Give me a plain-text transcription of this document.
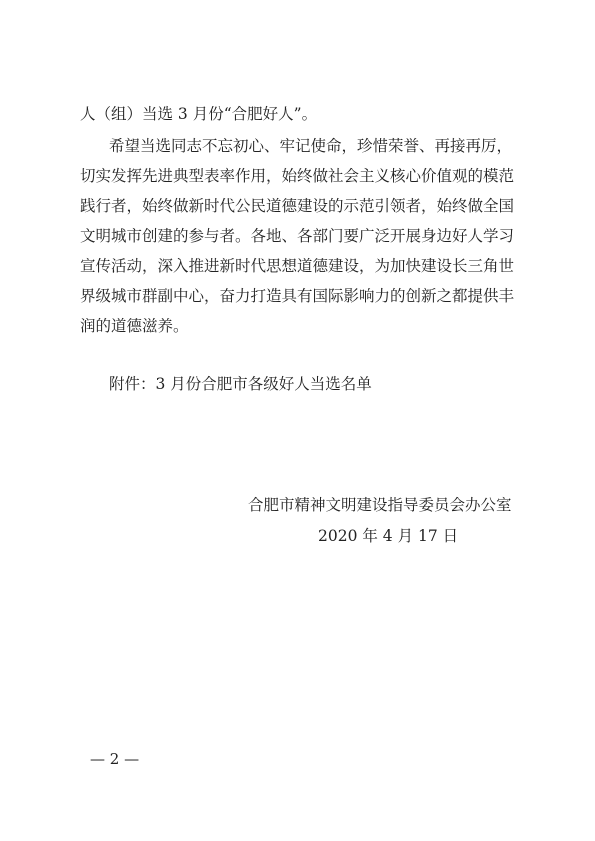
人（组）当选 3 月份“合肥好人”。

希望当选同志不忘初心、牢记使命，珍惜荣誉、再接再厉，

切实发挥先进典型表率作用，始终做社会主义核心价值观的模范

践行者，始终做新时代公民道德建设的示范引领者，始终做全国

文明城市创建的参与者。各地、各部门要广泛开展身边好人学习

宣传活动，深入推进新时代思想道德建设，为加快建设长三角世

界级城市群副中心，奋力打造具有国际影响力的创新之都提供丰

润的道德滋养。

附件：3 月份合肥市各级好人当选名单

合肥市精神文明建设指导委员会办公室

2020 年 4 月 17 日

— 2 —
